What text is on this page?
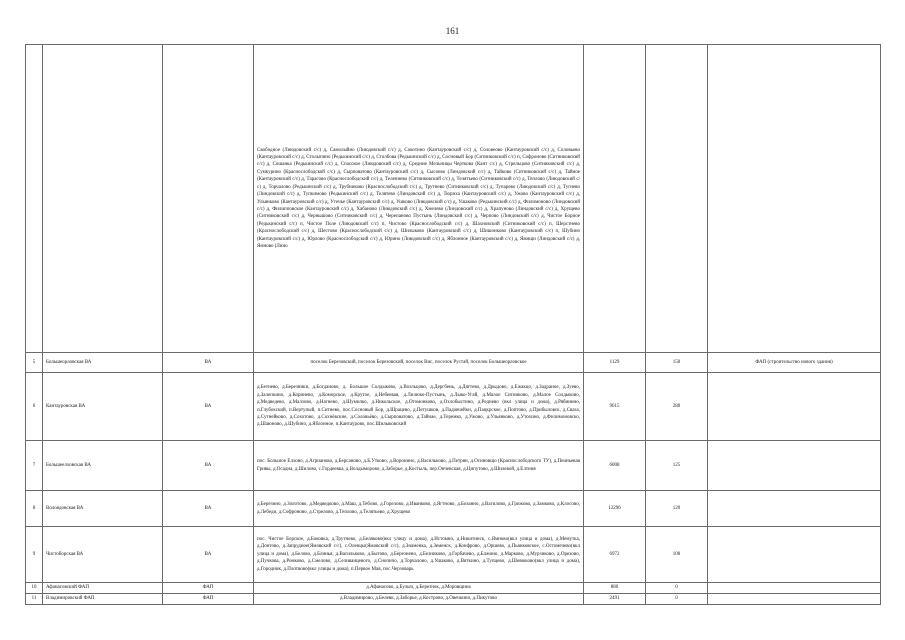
161
			Свободное (Лиюдовский с/с) д, Самолыйно (Лиюдовский с/с) д, Сокотино (Кантауровский с/с) д, Соловеово (Кантауровский с/с) д, Соловьево (Кантауровский с/с) д, Столыпино (Редькинский с/с) д, Столбова (Редькинский с/с) д, Сосновый Бор (Ситниковский с/с) п, Софроново (Ситниковский с/с) д, Сошанка (Редькинский с/с) д, Спасское (Лиюдовский с/с) д, Средние Мельницы Черткова (Кант с/с) д, Стрельцово (Ситниковский с/с) д, Сумкурино (Краснослободской с/с) д, Сырповатово (Кантауровский с/с) д, Сысоево (Линдовский с/с) д, Тайково (Ситниковский с/с) д, Тайное (Кантауровский с/с) д, Тарасово (Краснослободский с/с) д, Телепнево (Ситниковский с/с) д, Телятьево (Ситниковский с/с) д, Теплово (Лиюдовский с/с) д, Торчалово (Редькинский с/с) д, Трубниково (Краснослободский с/с) д, Трутнево (Ситниковский с/с) д, Тупарево (Лиюдовский с/с) д, Тугнево (Линдовский с/с) д, Тупкимово (Редькинский с/с) д, Телятево (Линдовский с/с) д, Тюриха (Кантауровский с/с) д, Ужово (Кантауровский с/с) д, Ульянково (Кантауровский с/с) д, Утечье (Кантауровский с/с) д, Ушково (Лиюдовский с/с) д, Ушаково (Редькинский с/с) д, Филимоново (Линдовский с/с) д, Филипповское (Кантауровский с/с) д, Хабаново (Лиюдовский с/с) д, Хмелево (Линдовский с/с) д, Храпуново (Линдовский с/с) д, Хрущево (Ситниковский с/с) д, Чернышово (Ситниковский с/с) д, Черепаново Пустынь (Линдовский с/с) д, Черпово (Линдовский с/с) д, Чистое Борное (Редькинский с/с) п, Чистое Поле (Лиюдовский с/с) п, Чистово (Краснослободский с/с) д, Шахновский (Ситниковский с/с) п, Шерстнево (Краснослободский с/с) д, Шестово (Краснослободский с/с) д, Шилыково (Кантауровский с/с) д, Шишонково (Кантауровский с/с) п, Шубино (Кантауровский с/с) д, Юрлово (Краснослободский с/с) д, Юрино (Лиюдовский с/с) д, Яблонное (Кантауровский с/с) д, Ямищи (Линдовский с/с) д, Ямново (Лино			
5	Большеорловская ВА	ВА	поселок Березовский, поселок Березовский, поселок Вис, поселок Рустай, поселок Большеорловское	1129	150	ФАП (строительство нового здания)
6	Кантауровская ВА	ВА	д.Бетнево, д.Березники, д.Богданово, д. Большое Солдыково, д.Возльцово, д.Дергбень, д.Дягтево, д.Дрыдово, д.Ежакцо, д.Задраное, д.Зуево, д.Залепкино, д.Коринево, д.Коморское, д.Крутое, д.Небеевая, д.Лилюко-Пустынь, д.Лыко-Угай, д.Малое Ситниково, д.Малое Солдыково, д.Медведево, д.Малзово, д.Нагнево, д.Шумилко, д.Никольское, д.Отомонково, д.Охлобыстино, д.Реднево (вкл улица и дома), д.Рябинино, п.Глубокский, п.Вертупый, п.Ситнево, пос.Сосновый Бор, д.Шрацево, д.Петушков, д.Падовчейки, д.Пацкрское, д.Поптово, д.Прибыловск, д.Сваза, д.Сутнейково, д.Сохотово, д.Сохнёвские, д.Соловьёво, д.Сырповатово, д.Тайнае, д.Теремко, д.Ужово, д.Ульянково, д.Утохино, д.Филимоновско, д.Шаюново, д.Шубино, д.Яблонное, п.Кантаурово, пос.Шилыковский	9615	280	
7	Большеелховская ВА	ВА	пос. Большое Елхово, д.Агрианово, д.Берсаново, д.Б.Утково, д.Воронино, д.Васильково, д.Петрян, д.Осиновщо (Краснослободского ТУ), д.Пеиньевая Гривы, д.Осадна, д.Шилово, с.Гордеевка, д.Волдыморово, д.Заборье, д.Костыль, пер.Ончевская, д.Ципутово, д.Шилевой, д.Елтиня	6008	125	
8	Волоядовская ВА	ВА	д.Березино, д.Золотово, д.Медведково, д.Маш, д.Тебово, д.Горелово, д.Иванково, д.Ягтново, д.Бозанно, д.Вагилово, д.Грижово, д.Замково, д.Клосово, д.Лебеди, д.Софроново, д.Стрелово, д.Теплово, д.Телятьево, д.Хрущево	12296	120	
9	Чистоборская ВА	ВА	пос. Чистое Борское, д.Боковка, д.Трутнево, д.Беляково(вкл улицу и дома), д.Истомно, д.Никитинск, с.Ямново(вкл улица и дома), д.Мемутка, д.Донтово, д.Запрудное(Ямовский с/с), с.Оленцы(Ямовский с/с), д.Знаменка, д.Земенск, д.Конфрово, д.Оршево, д.Пьянковское, с.Остомечево(вкл улица и дома), д.Белово, д.Блинья, д.Васильково, д.Бытово, д.Березнено, д.Безниково, д.Горбачево, д.Блжино, д.Марково, д.Мурзиково, д.Орехово, д.Пучкова, д.Ромково, д.Смелово, д.Селиванцевого, д.Снопичо, д.Торчалово, д.Ушаково, д.Вяткино, д.Тупцево, д.Шевюково(вкл улица и дома), д.Городник, д.Плотвово(вкл улицы и дома), п.Первое Мая, пос.Черзоварь	6972	100	
10	Афанасовский ФАП	ФАП	д.Афанасово, д.Булыч, д.Березнок, д.Моровщина	880	0	
11	Владимировский ФАП	ФАП	д.Владимирово, д.Белевк, д.Заборье, д.Кострово, д.Овечкино, д.Пикутово	2491	0	
